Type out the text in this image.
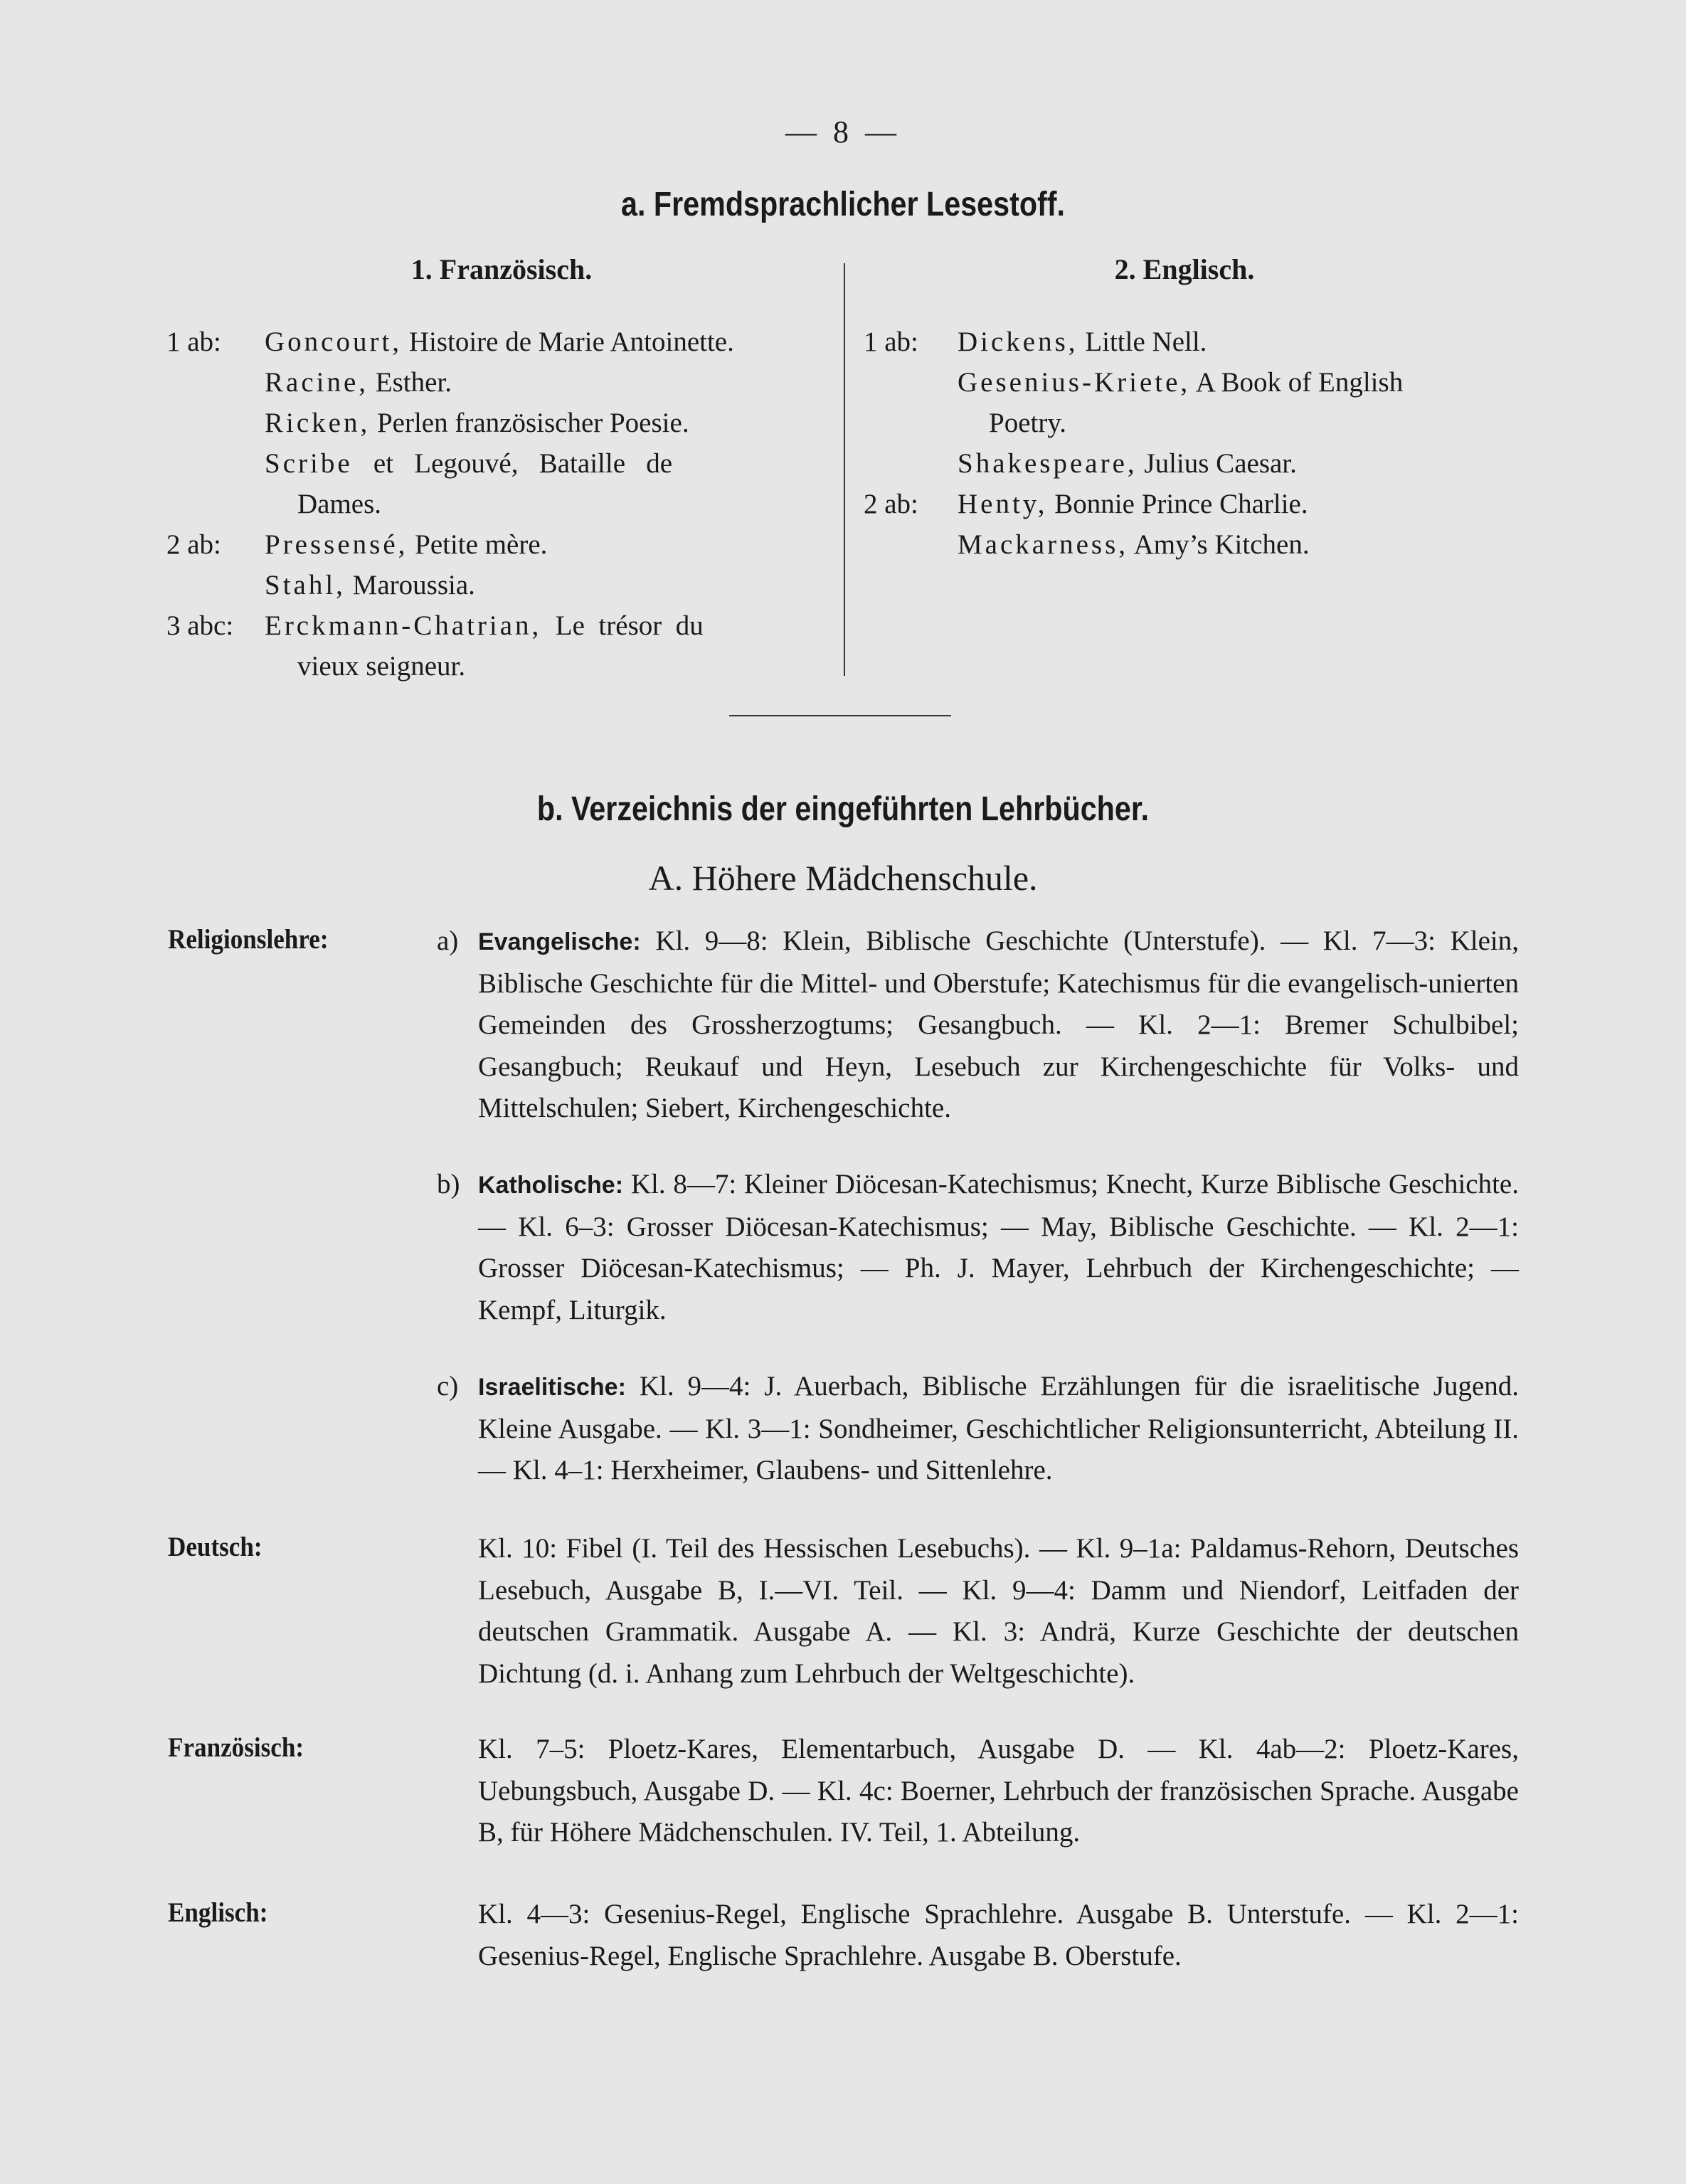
— 8 —
a. Fremdsprachlicher Lesestoff.
1. Französisch.
1 ab: Goncourt, Histoire de Marie Antoinette.
Racine, Esther.
Ricken, Perlen französischer Poesie.
Scribe   et   Legouvé,   Bataille   de
Dames.
2 ab: Pressensé, Petite mère.
Stahl, Maroussia.
3 abc: Erckmann-Chatrian,  Le  trésor  du
vieux seigneur.
2. Englisch.
1 ab: Dickens, Little Nell.
Gesenius-Kriete, A Book of English
Poetry.
Shakespeare, Julius Caesar.
2 ab: Henty, Bonnie Prince Charlie.
Mackarness, Amy’s Kitchen.
b. Verzeichnis der eingeführten Lehrbücher.
A. Höhere Mädchenschule.
Religionslehre:	a) Evangelische: Kl. 9—8: Klein, Biblische Geschichte (Unterstufe). — Kl. 7—3: Klein, Biblische Geschichte für die Mittel- und Oberstufe; Katechismus für die evangelisch-unierten Gemeinden des Grossherzogtums; Gesangbuch. — Kl. 2—1: Bremer Schulbibel; Gesangbuch; Reukauf und Heyn, Lesebuch zur Kirchengeschichte für Volks- und Mittelschulen; Siebert, Kirchengeschichte.
b) Katholische: Kl. 8—7: Kleiner Diöcesan-Katechismus; Knecht, Kurze Biblische Geschichte. — Kl. 6–3: Grosser Diöcesan-Katechismus; — May, Biblische Geschichte. — Kl. 2—1: Grosser Diöcesan-Katechismus; — Ph. J. Mayer, Lehrbuch der Kirchengeschichte; — Kempf, Liturgik.
c) Israelitische: Kl. 9—4: J. Auerbach, Biblische Erzählungen für die israelitische Jugend. Kleine Ausgabe. — Kl. 3—1: Sondheimer, Geschichtlicher Religionsunterricht, Abteilung II. — Kl. 4–1: Herxheimer, Glaubens- und Sittenlehre.
Deutsch:	Kl. 10: Fibel (I. Teil des Hessischen Lesebuchs). — Kl. 9–1a: Paldamus-Rehorn, Deutsches Lesebuch, Ausgabe B, I.—VI. Teil. — Kl. 9—4: Damm und Niendorf, Leitfaden der deutschen Grammatik. Ausgabe A. — Kl. 3: Andrä, Kurze Geschichte der deutschen Dichtung (d. i. Anhang zum Lehrbuch der Weltgeschichte).
Französisch:	Kl. 7–5: Ploetz-Kares, Elementarbuch, Ausgabe D. — Kl. 4ab—2: Ploetz-Kares, Uebungsbuch, Ausgabe D. — Kl. 4c: Boerner, Lehrbuch der französischen Sprache. Ausgabe B, für Höhere Mädchenschulen. IV. Teil, 1. Abteilung.
Englisch:	Kl. 4—3: Gesenius-Regel, Englische Sprachlehre. Ausgabe B. Unterstufe. — Kl. 2—1: Gesenius-Regel, Englische Sprachlehre. Ausgabe B. Oberstufe.
